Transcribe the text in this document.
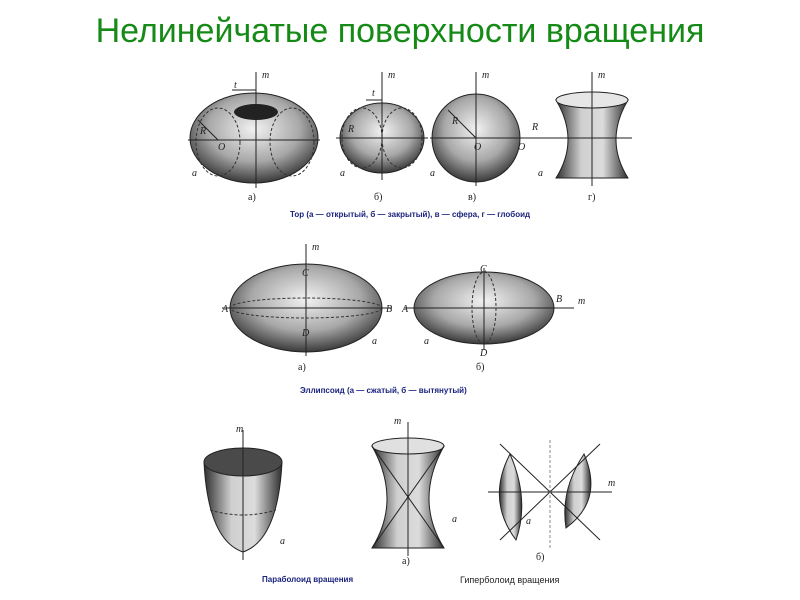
Нелинейчатые поверхности вращения
m
t
R
O
a
а)
m
t
R
a
б)
m
R
O
a
в)
m
R
O
a
г)
m
A	B
C
D
a
а)
C
D
A
B m
a
б)
m
a
m
a
а)
m
a
б)
Тор (а — открытый, б — закрытый), в — сфера, г — глобоид
Эллипсоид (а — сжатый, б — вытянутый)
Параболоид вращения	Гиперболоид вращения
